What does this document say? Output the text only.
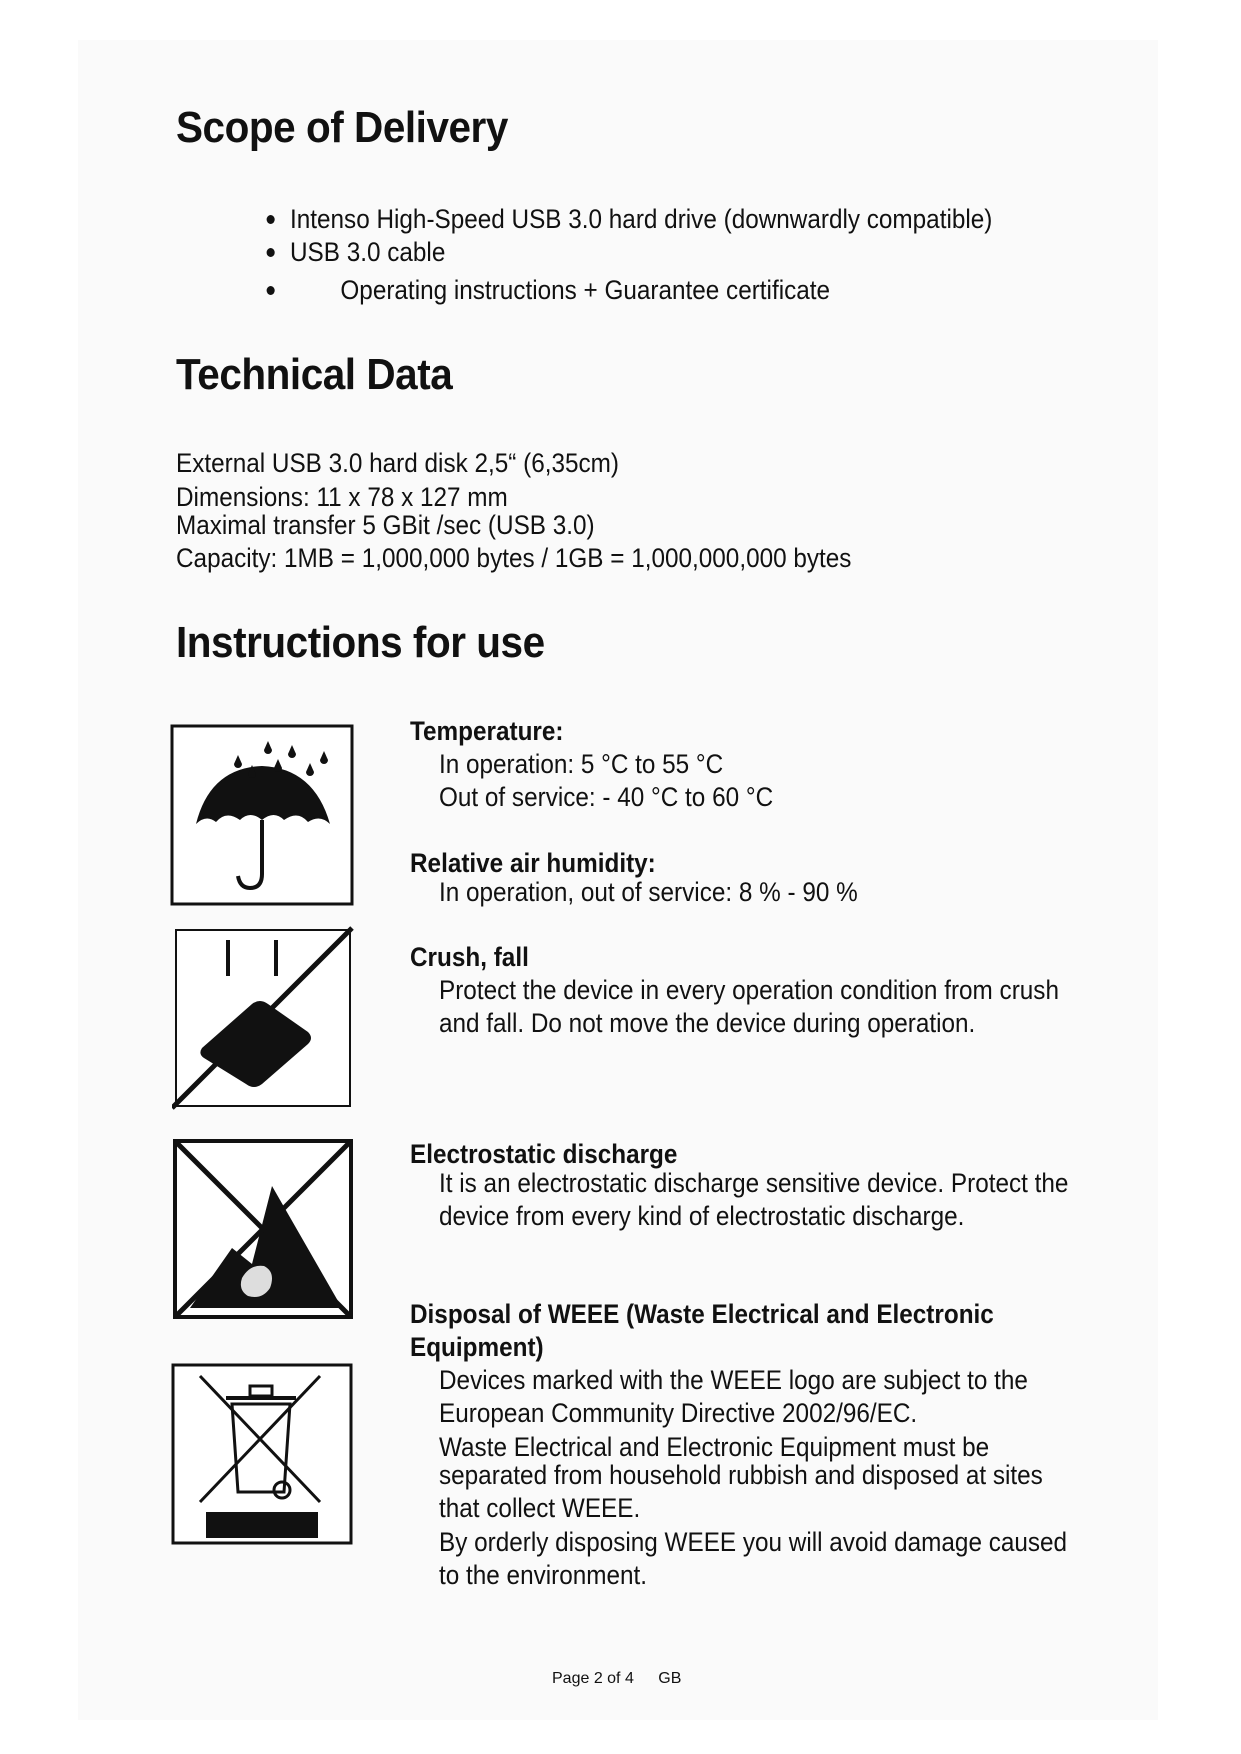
Scope of Delivery
Intenso High-Speed USB 3.0 hard drive (downwardly compatible)
USB 3.0 cable
Operating instructions + Guarantee certificate
Technical Data
External USB 3.0 hard disk 2,5“ (6,35cm)
Dimensions: 11 x 78 x 127 mm
Maximal transfer 5 GBit /sec (USB 3.0)
Capacity: 1MB = 1,000,000 bytes / 1GB = 1,000,000,000 bytes
Instructions for use
Temperature:
In operation: 5 °C to 55 °C
Out of service: - 40 °C to 60 °C
Relative air humidity:
In operation, out of service: 8 % - 90 %
Crush, fall
Protect the device in every operation condition from crush
and fall. Do not move the device during operation.
Electrostatic discharge
It is an electrostatic discharge sensitive device. Protect the
device from every kind of electrostatic discharge.
Disposal of WEEE (Waste Electrical and Electronic
Equipment)
Devices marked with the WEEE logo are subject to the
European Community Directive 2002/96/EC.
Waste Electrical and Electronic Equipment must be
separated from household rubbish and disposed at sites
that collect WEEE.
By orderly disposing WEEE you will avoid damage caused
to the environment.
Page 2 of 4 GB
